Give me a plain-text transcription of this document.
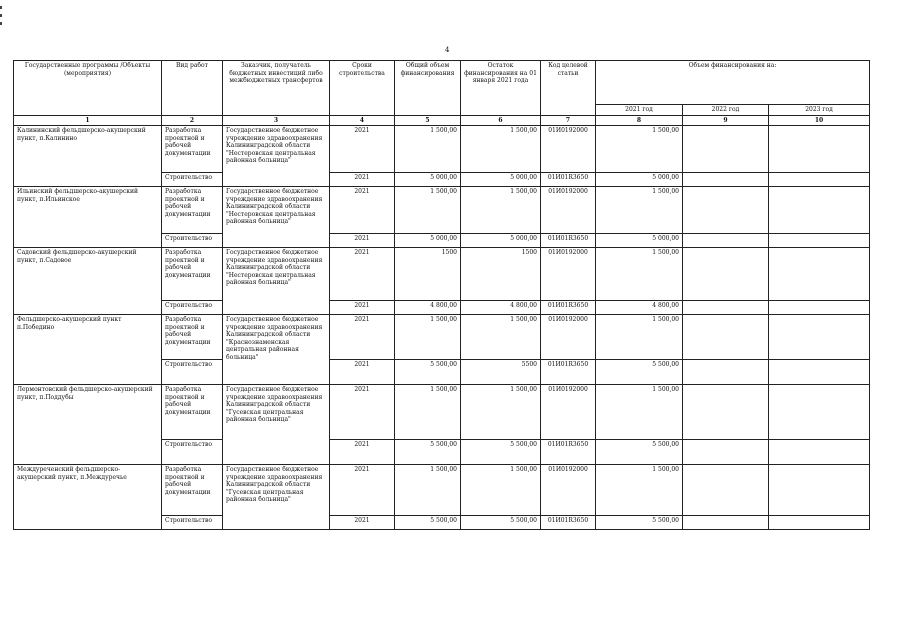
4
Государственные программы /Объекты (мероприятия)	Вид работ	Заказчик, получатель бюджетных инвестиций либо межбюджетных трансфертов	Сроки строительства	Общий объем финансирования	Остаток финансирования на 01 января 2021 года	Код целевой статьи	Объем финансирования на:		
							2021 год	2022 год	2023 год
1	2	3	4	5	6	7	8	9	10
Калининский фельдшерско-акушерский пункт, п.Калинино	Разработка проектной и рабочей документации	Государственное бюджетное учреждение здравоохранения Калининградской области "Нестеровская центральная районная больница"	2021	1 500,00	1 500,00	01И0192000	1 500,00		
	Строительство		2021	5 000,00	5 000,00	01И01R3650	5 000,00		
Ильинский фельдшерско-акушерский пункт, п.Ильинское	Разработка проектной и рабочей документации	Государственное бюджетное учреждение здравоохранения Калининградской области "Нестеровская центральная районная больница"	2021	1 500,00	1 500,00	01И0192000	1 500,00		
	Строительство		2021	5 000,00	5 000,00	01И01R3650	5 000,00		
Садовский фельдшерско-акушерский пункт, п.Садовое	Разработка проектной и рабочей документации	Государственное бюджетное учреждение здравоохранения Калининградской области "Нестеровская центральная районная больница"	2021	1500	1500	01И0192000	1 500,00		
	Строительство		2021	4 800,00	4 800,00	01И01R3650	4 800,00		
Фельдшерско-акушерский пункт п.Победино	Разработка проектной и рабочей документации	Государственное бюджетное учреждение здравоохранения Калининградской области "Краснознаменская центральная районная больница"	2021	1 500,00	1 500,00	01И0192000	1 500,00		
	Строительство		2021	5 500,00	5500	01И01R3650	5 500,00		
Лермонтовский фельдшерско-акушерский пункт, п.Поддубы	Разработка проектной и рабочей документации	Государственное бюджетное учреждение здравоохранения Калининградской области "Гусевская центральная районная больница"	2021	1 500,00	1 500,00	01И0192000	1 500,00		
	Строительство		2021	5 500,00	5 500,00	01И01R3650	5 500,00		
Междуреченский фельдшерско-акушерский пункт, п.Междуречье	Разработка проектной и рабочей документации	Государственное бюджетное учреждение здравоохранения Калининградской области "Гусевская центральная районная больница"	2021	1 500,00	1 500,00	01И0192000	1 500,00		
	Строительство		2021	5 500,00	5 500,00	01И01R3650	5 500,00		
